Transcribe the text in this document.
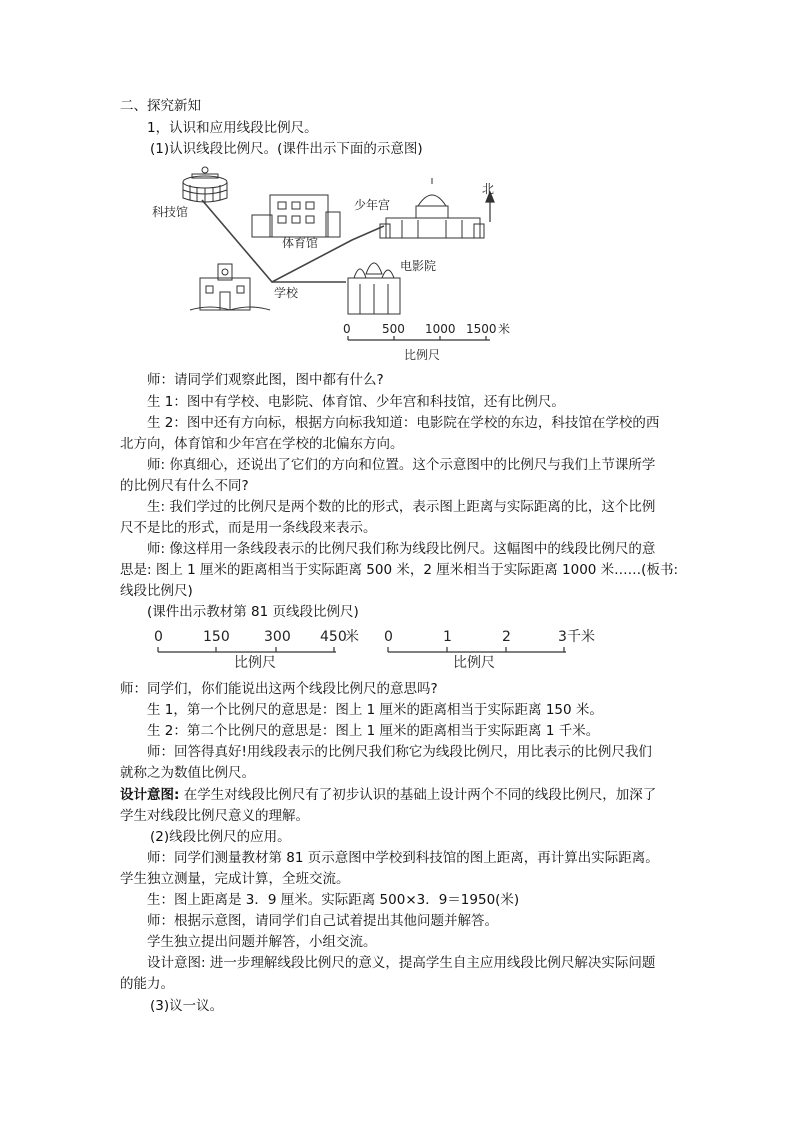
二、探究新知
1，认识和应用线段比例尺。
(1)认识线段比例尺。(课件出示下面的示意图)
科技馆
体育馆
少年宫
北
学校
电影院
0	500 1000 1500 米
比例尺
师：请同学们观察此图，图中都有什么?
生 1：图中有学校、电影院、体育馆、少年宫和科技馆，还有比例尺。
生 2：图中还有方向标，根据方向标我知道：电影院在学校的东边，科技馆在学校的西
北方向，体育馆和少年宫在学校的北偏东方向。
师: 你真细心，还说出了它们的方向和位置。这个示意图中的比例尺与我们上节课所学
的比例尺有什么不同?
生: 我们学过的比例尺是两个数的比的形式，表示图上距离与实际距离的比，这个比例
尺不是比的形式，而是用一条线段来表示。
师: 像这样用一条线段表示的比例尺我们称为线段比例尺。这幅图中的线段比例尺的意
思是: 图上 1 厘米的距离相当于实际距离 500 米，2 厘米相当于实际距离 1000 米……(板书:
线段比例尺)
(课件出示教材第 81 页线段比例尺)
0	150 300 450
米
比例尺
0	1	2	3 千米
比例尺
师：同学们，你们能说出这两个线段比例尺的意思吗?
生 1，第一个比例尺的意思是：图上 1 厘米的距离相当于实际距离 150 米。
生 2：第二个比例尺的意思是：图上 1 厘米的距离相当于实际距离 1 千米。
师：回答得真好!用线段表示的比例尺我们称它为线段比例尺，用比表示的比例尺我们
就称之为数值比例尺。
设计意图: 在学生对线段比例尺有了初步认识的基础上设计两个不同的线段比例尺，加深了
学生对线段比例尺意义的理解。
(2)线段比例尺的应用。
师：同学们测量教材第 81 页示意图中学校到科技馆的图上距离，再计算出实际距离。
学生独立测量，完成计算，全班交流。
生：图上距离是 3．9 厘米。实际距离 500×3．9＝1950(米)
师：根据示意图，请同学们自己试着提出其他问题并解答。
学生独立提出问题并解答，小组交流。
设计意图: 进一步理解线段比例尺的意义，提高学生自主应用线段比例尺解决实际问题
的能力。
(3)议一议。
